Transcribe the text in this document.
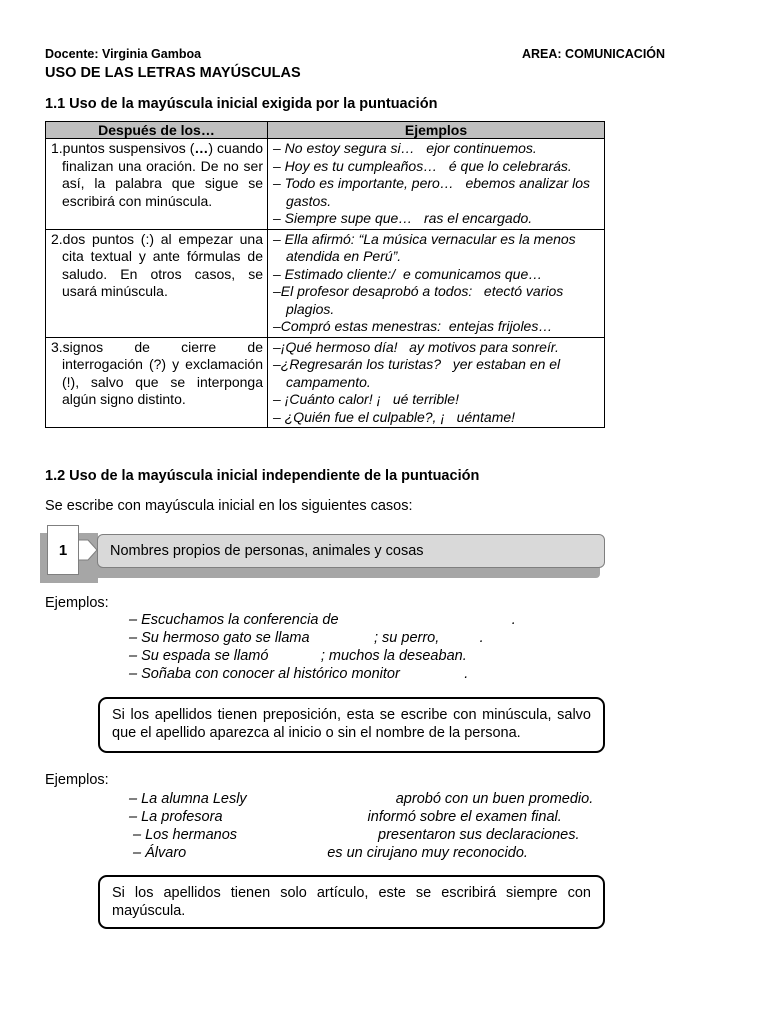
Docente: Virginia Gamboa	AREA: COMUNICACIÓN
USO DE LAS LETRAS MAYÚSCULAS
1.1 Uso de la mayúscula inicial exigida por la puntuación
Después de los…	Ejemplos

1.puntos suspensivos (…) cuando finalizan una oración. De no ser así, la palabra que sigue se escribirá con minúscula.	– No estoy segura si…   ejor continuemos.
– Hoy es tu cumpleaños…   é que lo celebrarás.
– Todo es importante, pero…   ebemos analizar los gastos.
– Siempre supe que…   ras el encargado.

2.dos puntos (:) al empezar una cita textual y ante fórmulas de saludo. En otros casos, se usará minúscula.	– Ella afirmó: “La música vernacular es la menos atendida en Perú”.
– Estimado cliente:/  e comunicamos que…
–El profesor desaprobó a todos:   etectó varios plagios.
–Compró estas menestras:  entejas frijoles…

3.signos de cierre de interrogación (?) y exclamación (!), salvo que se interponga algún signo distinto.	–¡Qué hermoso día!   ay motivos para sonreír.
–¿Regresarán los turistas?   yer estaban en el campamento.
– ¡Cuánto calor! ¡   ué terrible!
– ¿Quién fue el culpable?, ¡   uéntame!
1.2 Uso de la mayúscula inicial independiente de la puntuación
Se escribe con mayúscula inicial en los siguientes casos:
Nombres propios de personas, animales y cosas
1
Ejemplos:
– Escuchamos la conferencia de                                           .
– Su hermoso gato se llama                ; su perro,          .
– Su espada se llamó             ; muchos la deseaban.
– Soñaba con conocer al histórico monitor                .
Si los apellidos tienen preposición, esta se escribe con minúscula, salvo que el apellido aparezca al inicio o sin el nombre de la persona.
Ejemplos:
– La alumna Lesly                                     aprobó con un buen promedio.
– La profesora                                    informó sobre el examen final.
– Los hermanos                                   presentaron sus declaraciones.
– Álvaro                                   es un cirujano muy reconocido.
Si los apellidos tienen solo artículo, este se escribirá siempre con mayúscula.
